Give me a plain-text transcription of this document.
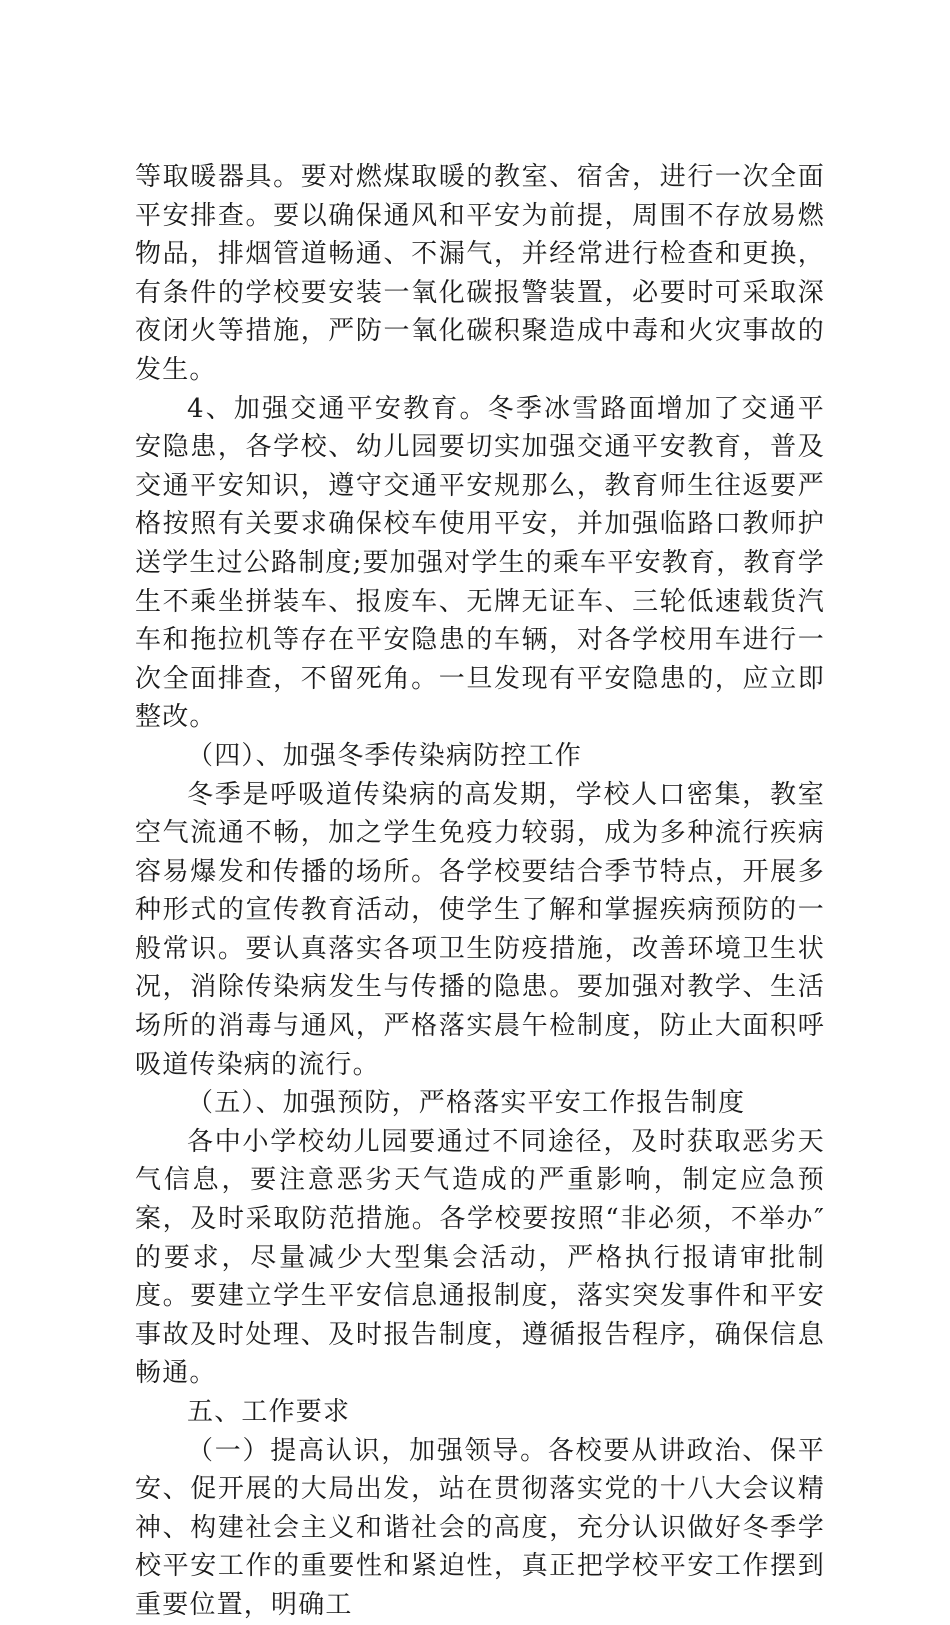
等取暖器具。要对燃煤取暖的教室、宿舍，进行一次全面平安排查。要以确保通风和平安为前提，周围不存放易燃物品，排烟管道畅通、不漏气，并经常进行检查和更换，有条件的学校要安装一氧化碳报警装置，必要时可采取深夜闭火等措施，严防一氧化碳积聚造成中毒和火灾事故的发生。

4、加强交通平安教育。冬季冰雪路面增加了交通平安隐患，各学校、幼儿园要切实加强交通平安教育，普及交通平安知识，遵守交通平安规那么，教育师生往返要严格按照有关要求确保校车使用平安，并加强临路口教师护送学生过公路制度;要加强对学生的乘车平安教育，教育学生不乘坐拼装车、报废车、无牌无证车、三轮低速载货汽车和拖拉机等存在平安隐患的车辆，对各学校用车进行一次全面排查，不留死角。一旦发现有平安隐患的，应立即整改。

（四）、加强冬季传染病防控工作

冬季是呼吸道传染病的高发期，学校人口密集，教室空气流通不畅，加之学生免疫力较弱，成为多种流行疾病容易爆发和传播的场所。各学校要结合季节特点，开展多种形式的宣传教育活动，使学生了解和掌握疾病预防的一般常识。要认真落实各项卫生防疫措施，改善环境卫生状况，消除传染病发生与传播的隐患。要加强对教学、生活场所的消毒与通风，严格落实晨午检制度，防止大面积呼吸道传染病的流行。

（五）、加强预防，严格落实平安工作报告制度

各中小学校幼儿园要通过不同途径，及时获取恶劣天气信息，要注意恶劣天气造成的严重影响，制定应急预案，及时采取防范措施。各学校要按照“非必须，不举办″的要求，尽量减少大型集会活动，严格执行报请审批制度。要建立学生平安信息通报制度，落实突发事件和平安事故及时处理、及时报告制度，遵循报告程序，确保信息畅通。

五、工作要求

（一）提高认识，加强领导。各校要从讲政治、保平安、促开展的大局出发，站在贯彻落实党的十八大会议精神、构建社会主义和谐社会的高度，充分认识做好冬季学校平安工作的重要性和紧迫性，真正把学校平安工作摆到重要位置，明确工
